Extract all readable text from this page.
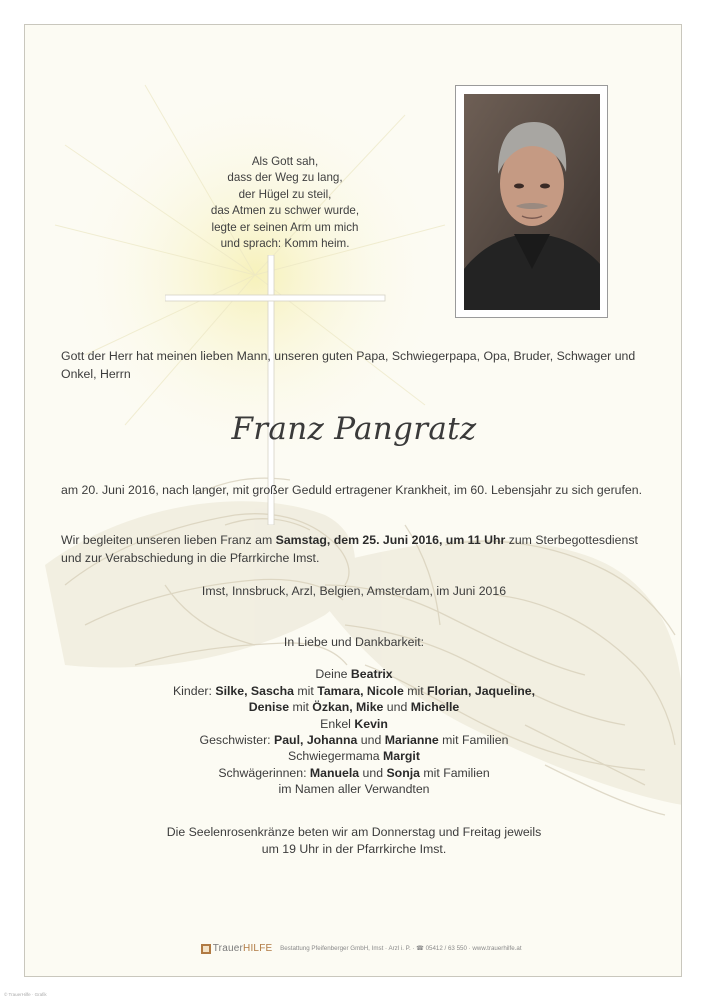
Als Gott sah,
dass der Weg zu lang,
der Hügel zu steil,
das Atmen zu schwer wurde,
legte er seinen Arm um mich
und sprach: Komm heim.
Gott der Herr hat meinen lieben Mann, unseren guten Papa, Schwiegerpapa, Opa, Bruder, Schwager und Onkel, Herrn
Franz Pangratz
am 20. Juni 2016, nach langer, mit großer Geduld ertragener Krankheit, im 60. Lebensjahr zu sich gerufen.
Wir begleiten unseren lieben Franz am Samstag, dem 25. Juni 2016, um 11 Uhr zum Sterbegottesdienst und zur Verabschiedung in die Pfarrkirche Imst.
Imst, Innsbruck, Arzl, Belgien, Amsterdam, im Juni 2016
In Liebe und Dankbarkeit:
Deine Beatrix
Kinder: Silke, Sascha mit Tamara, Nicole mit Florian, Jaqueline,
Denise mit Özkan, Mike und Michelle
Enkel Kevin
Geschwister: Paul, Johanna und Marianne mit Familien
Schwiegermama Margit
Schwägerinnen: Manuela und Sonja mit Familien
im Namen aller Verwandten
Die Seelenrosenkränze beten wir am Donnerstag und Freitag jeweils
um 19 Uhr in der Pfarrkirche Imst.
TrauerHILFE Bestattung Pfeifenberger GmbH, Imst · Arzl i. P. · ☎ 05412 / 63 550 · www.trauerhilfe.at
© TrauerHilfe · Grafik
